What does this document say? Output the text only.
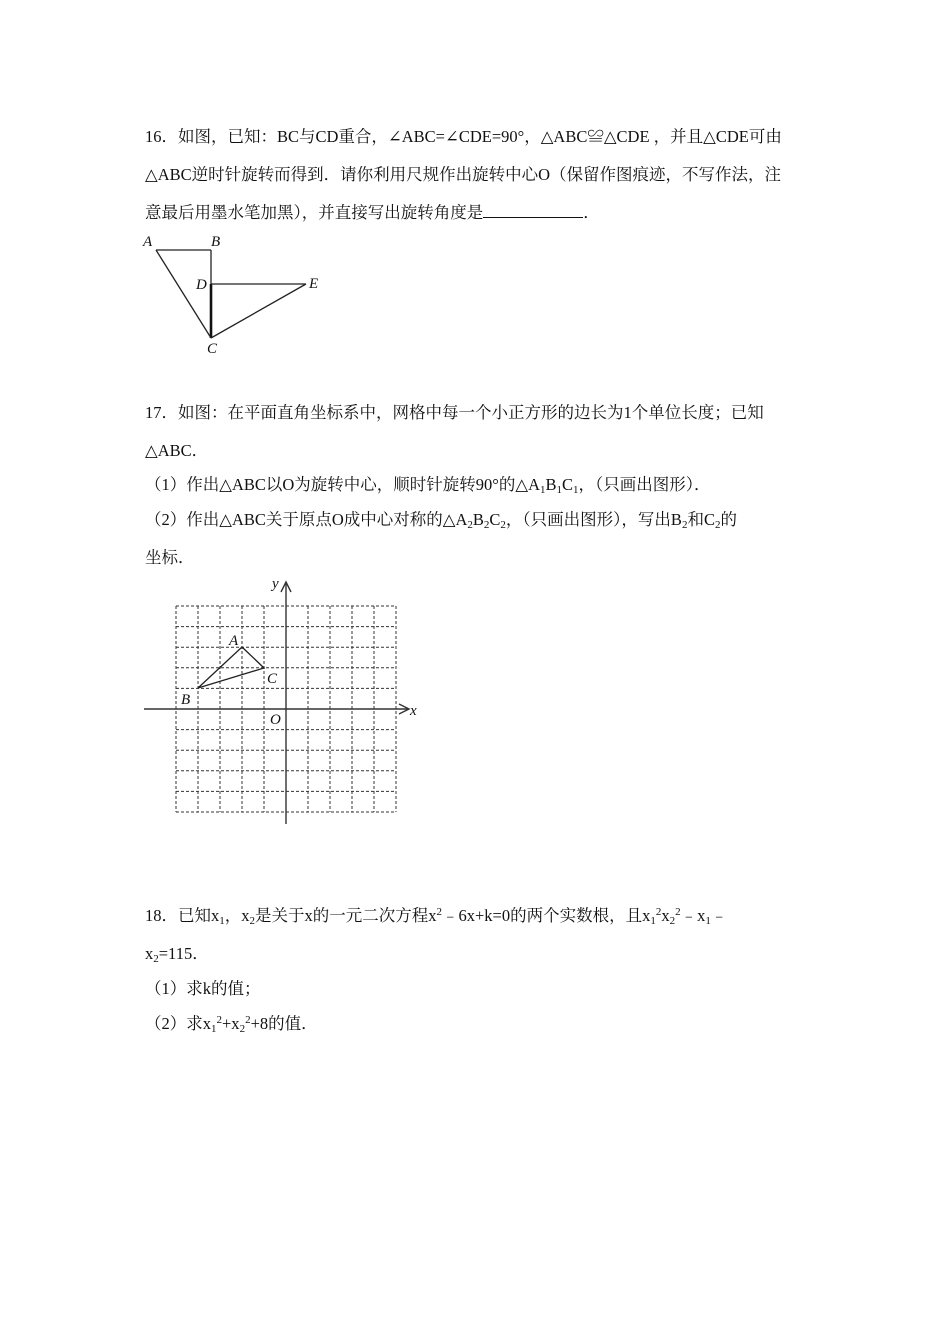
16．如图，已知：BC与CD重合，∠ABC=∠CDE=90°，△ABC≌△CDE ，并且△CDE可由
△ABC逆时针旋转而得到．请你利用尺规作出旋转中心O（保留作图痕迹，不写作法，注
意最后用墨水笔加黑），并直接写出旋转角度是	．
A	B
D	E
C
17．如图：在平面直角坐标系中，网格中每一个小正方形的边长为1个单位长度；已知
△ABC．
（1）作出△ABC以O为旋转中心，顺时针旋转90°的$\triangle A_1B_1C_1$，（只画出图形）．
（2）作出△ABC关于原点O成中心对称的$\triangle A_2B_2C_2$，（只画出图形），写出$B_2$和$C_2$的
坐标．
y
x
A
C
B
O
18．已知$x_1$，$x_2$是关于x的一元二次方程$x^2﹣6x+k=0$的两个实数根，且$x_1^2x_2^2﹣x_1﹣$
$x_2=115$．
（1）求k的值；
（2）求$x_1^2+x_2^2+8$的值．
